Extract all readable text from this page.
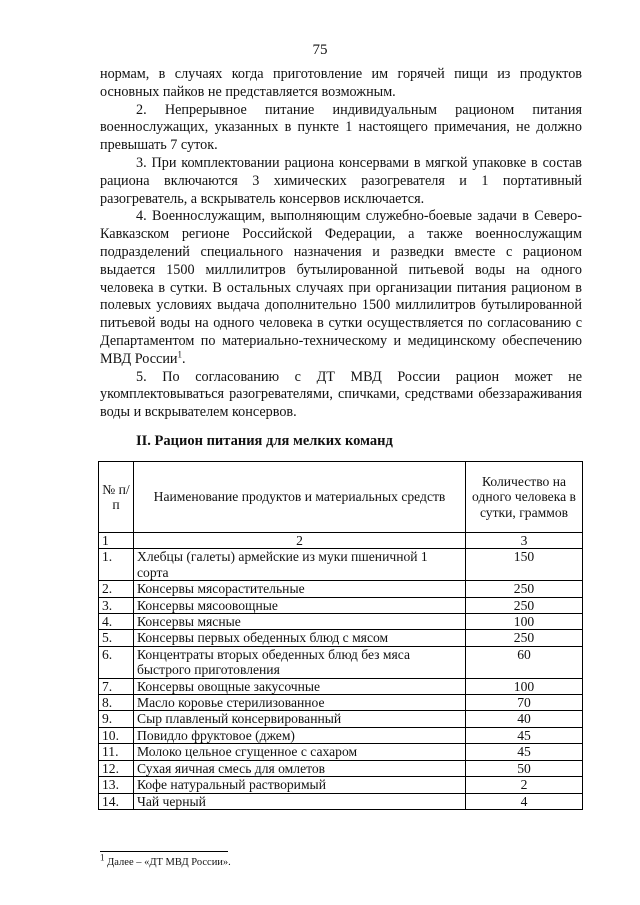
75

нормам, в случаях когда приготовление им горячей пищи из продуктов основных пайков не представляется возможным.

2. Непрерывное питание индивидуальным рационом питания военнослужащих, указанных в пункте 1 настоящего примечания, не должно превышать 7 суток.

3. При комплектовании рациона консервами в мягкой упаковке в состав рациона включаются 3 химических разогревателя и 1 портативный разогреватель, а вскрыватель консервов исключается.

4. Военнослужащим, выполняющим служебно-боевые задачи в Северо-Кавказском регионе Российской Федерации, а также военнослужащим подразделений специального назначения и разведки вместе с рационом выдается 1500 миллилитров бутылированной питьевой воды на одного человека в сутки. В остальных случаях при организации питания рационом в полевых условиях выдача дополнительно 1500 миллилитров бутылированной питьевой воды на одного человека в сутки осуществляется по согласованию с Департаментом по материально-техническому и медицинскому обеспечению МВД России$^1$.

5. По согласованию с ДТ МВД России рацион может не укомплектовываться разогревателями, спичками, средствами обеззараживания воды и вскрывателем консервов.

II. Рацион питания для мелких команд
№ п/п	Наименование продуктов и материальных средств	Количество на одного человека в сутки, граммов
1	2	3
1.	Хлебцы (галеты) армейские из муки пшеничной 1 сорта	150
2.	Консервы мясорастительные	250
3.	Консервы мясоовощные	250
4.	Консервы мясные	100
5.	Консервы первых обеденных блюд с мясом	250
6.	Концентраты вторых обеденных блюд без мяса быстрого приготовления	60
7.	Консервы овощные закусочные	100
8.	Масло коровье стерилизованное	70
9.	Сыр плавленый консервированный	40
10.	Повидло фруктовое (джем)	45
11.	Молоко цельное сгущенное с сахаром	45
12.	Сухая яичная смесь для омлетов	50
13.	Кофе натуральный растворимый	2
14.	Чай черный	4
$^1$ Далее – «ДТ МВД России».
